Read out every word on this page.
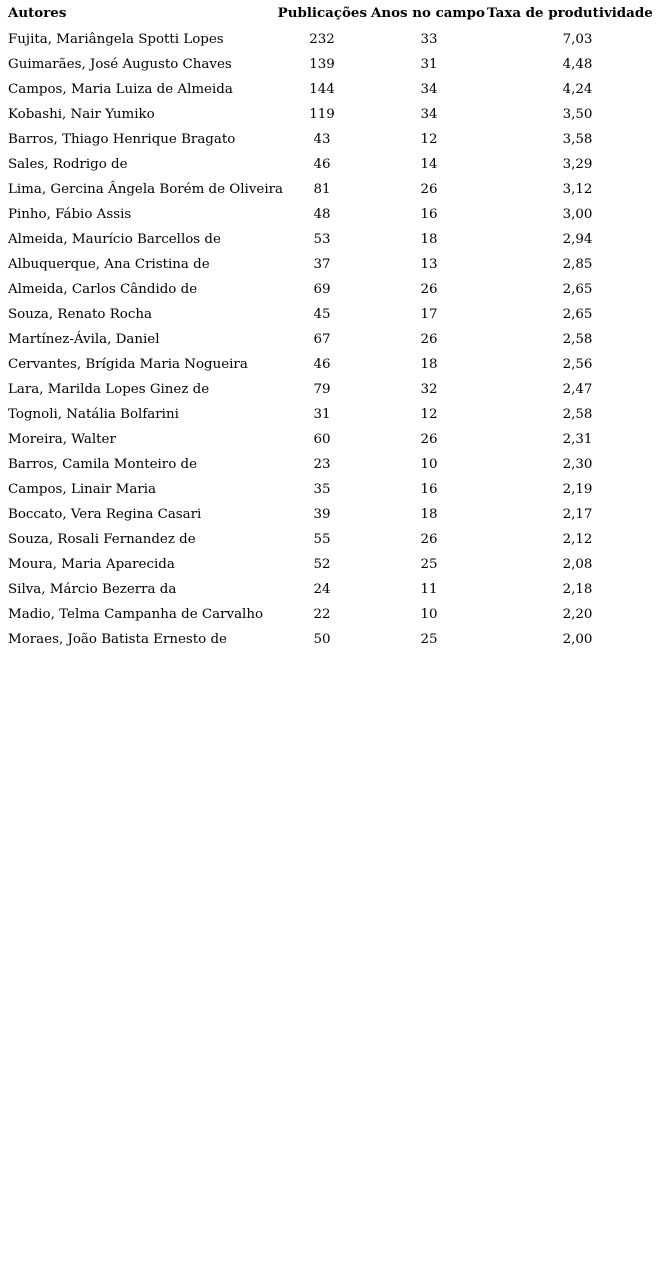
Autores	Publicações	Anos no campo	Taxa de produtividade
Fujita, Mariângela Spotti Lopes	232	33	7,03
Guimarães, José Augusto Chaves	139	31	4,48
Campos, Maria Luiza de Almeida	144	34	4,24
Kobashi, Nair Yumiko	119	34	3,50
Barros, Thiago Henrique Bragato	43	12	3,58
Sales, Rodrigo de	46	14	3,29
Lima, Gercina Ângela Borém de Oliveira	81	26	3,12
Pinho, Fábio Assis	48	16	3,00
Almeida, Maurício Barcellos de	53	18	2,94
Albuquerque, Ana Cristina de	37	13	2,85
Almeida, Carlos Cândido de	69	26	2,65
Souza, Renato Rocha	45	17	2,65
Martínez-Ávila, Daniel	67	26	2,58
Cervantes, Brígida Maria Nogueira	46	18	2,56
Lara, Marilda Lopes Ginez de	79	32	2,47
Tognoli, Natália Bolfarini	31	12	2,58
Moreira, Walter	60	26	2,31
Barros, Camila Monteiro de	23	10	2,30
Campos, Linair Maria	35	16	2,19
Boccato, Vera Regina Casari	39	18	2,17
Souza, Rosali Fernandez de	55	26	2,12
Moura, Maria Aparecida	52	25	2,08
Silva, Márcio Bezerra da	24	11	2,18
Madio, Telma Campanha de Carvalho	22	10	2,20
Moraes, João Batista Ernesto de	50	25	2,00
